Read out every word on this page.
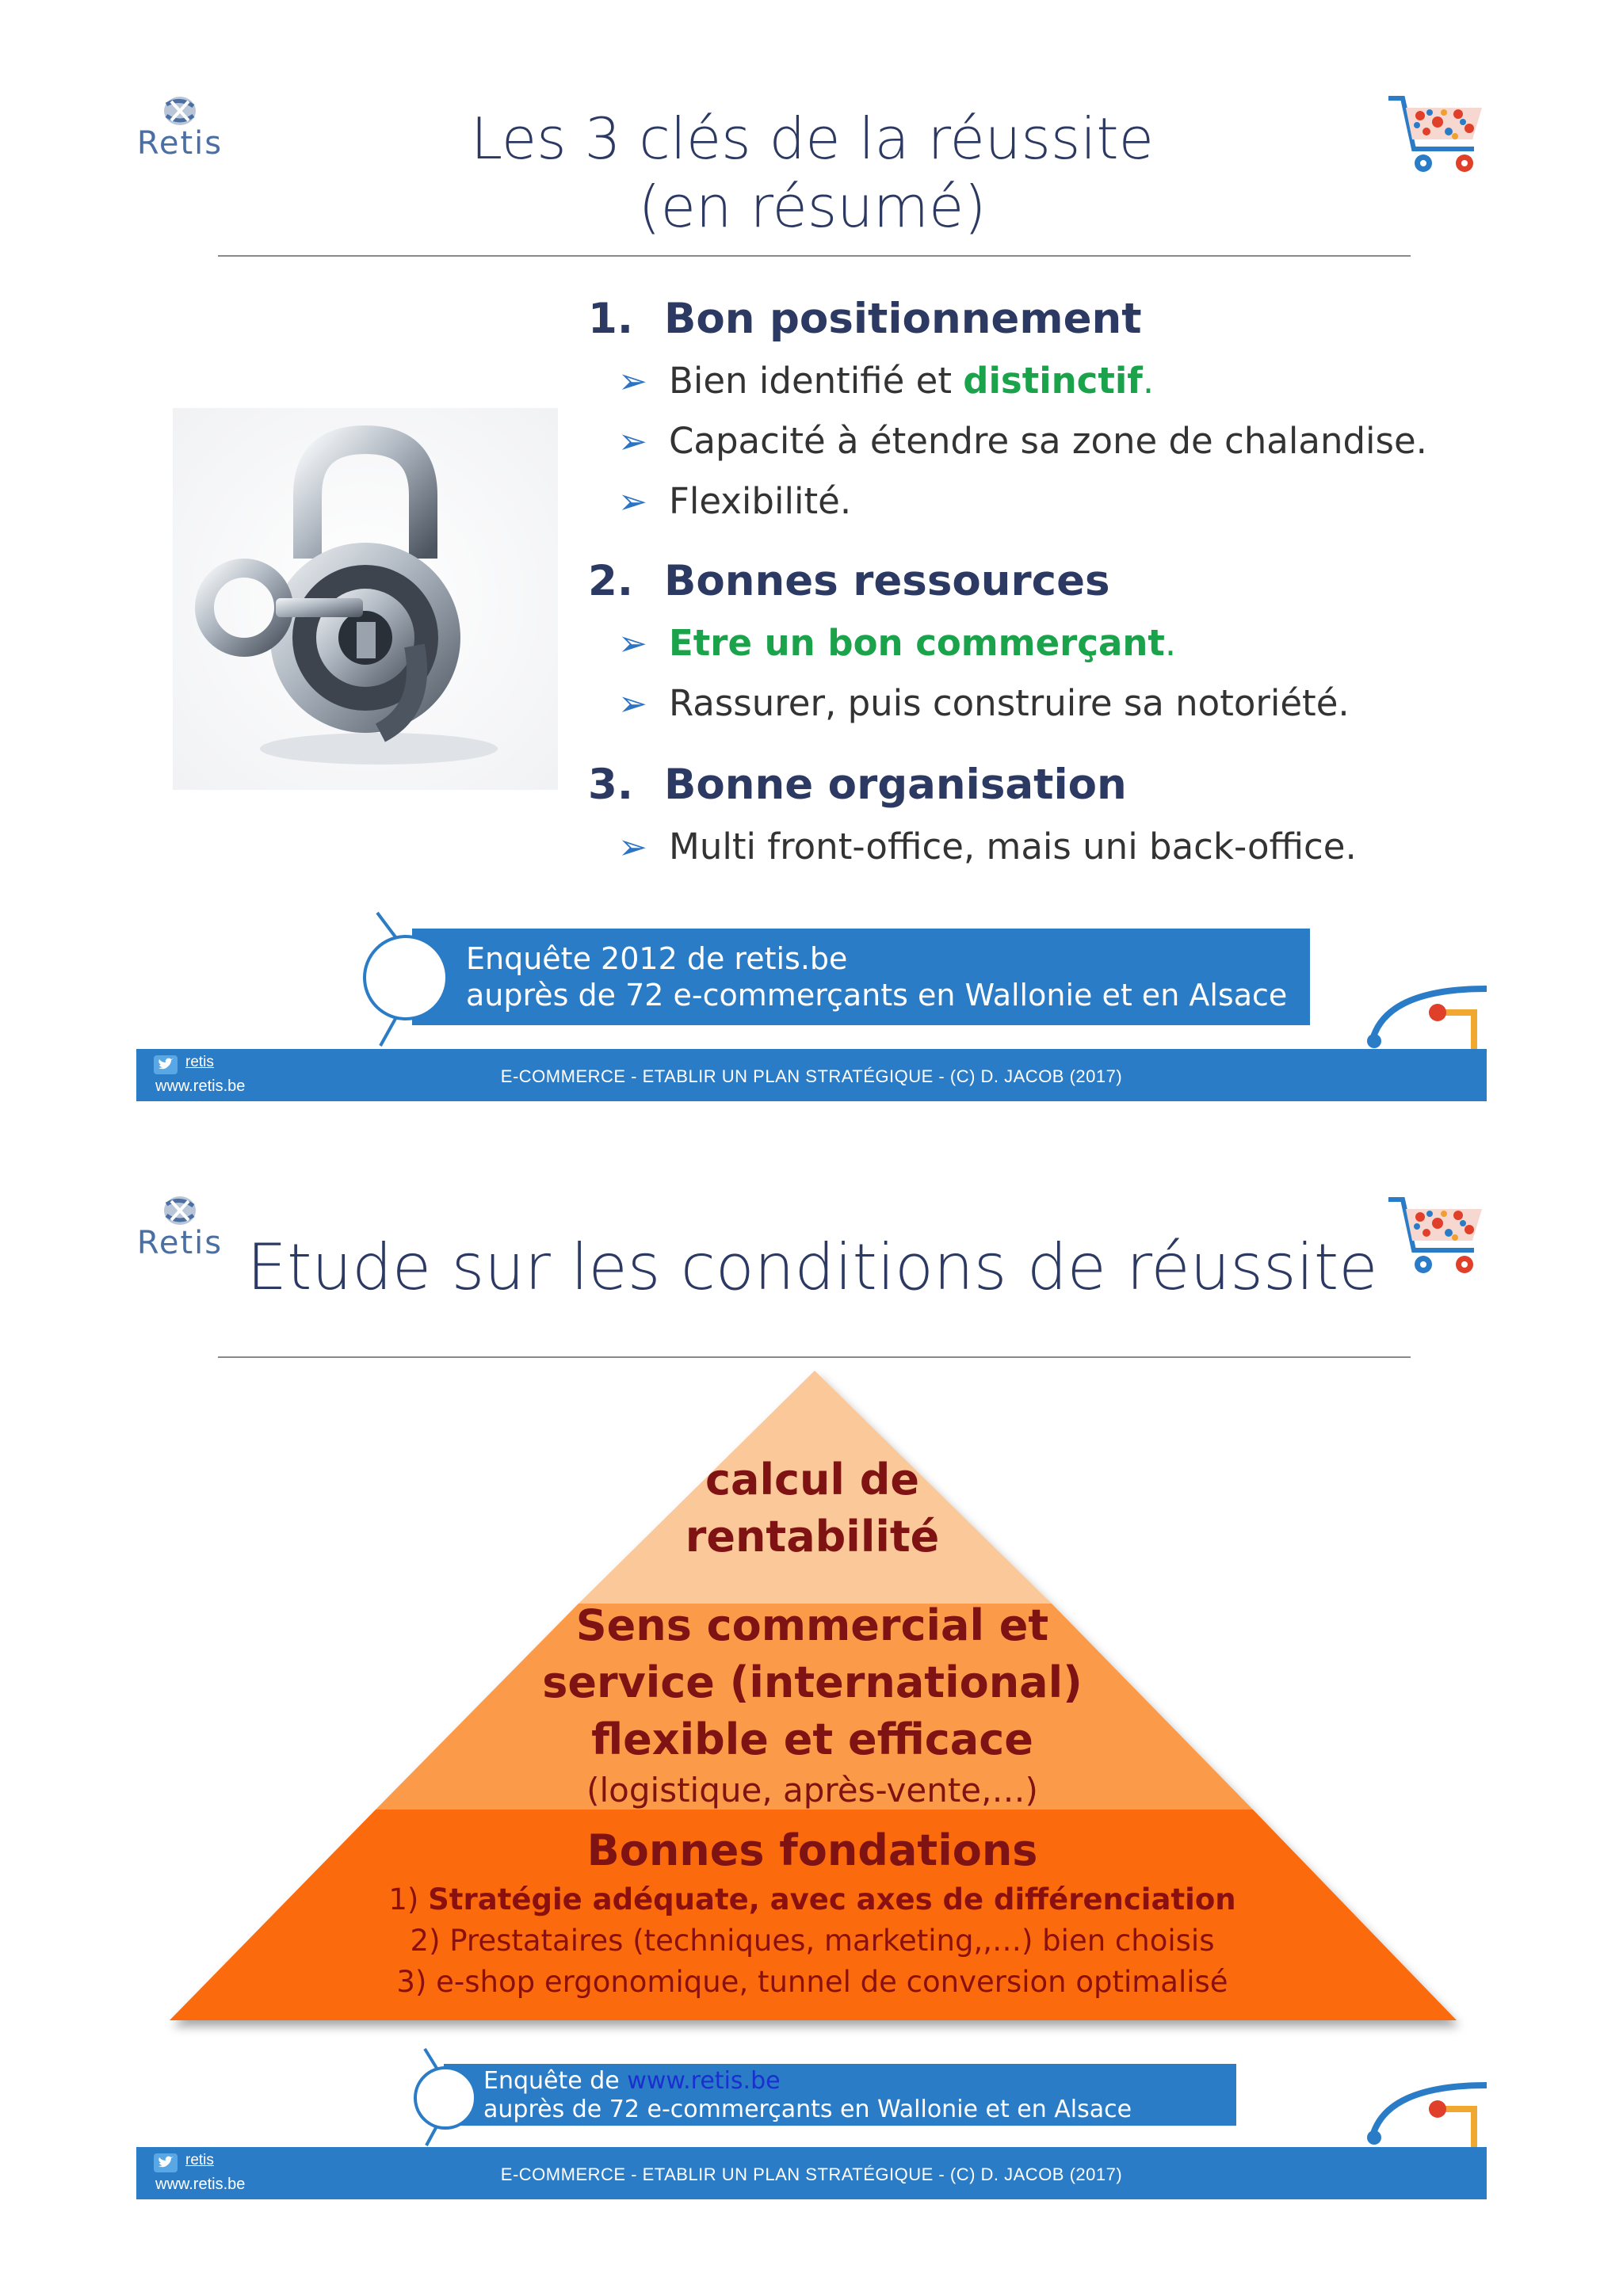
Retis	Les 3 clés de la réussite
(en résumé)
1. Bon positionnement
➢ Bien identifié et distinctif.
➢ Capacité à étendre sa zone de chalandise.
➢ Flexibilité.
2. Bonnes ressources
➢ Etre un bon commerçant.
➢ Rassurer, puis construire sa notoriété.
3. Bonne organisation
➢ Multi front-office, mais uni back-office.
Enquête 2012 de retis.be
auprès de 72 e-commerçants en Wallonie et en Alsace
retis
www.retis.be	E-COMMERCE - ETABLIR UN PLAN STRATÉGIQUE - (C) D. JACOB (2017)
Retis Etude sur les conditions de réussite
calcul de
rentabilité
Sens commercial et
service (international)
flexible et efficace
(logistique, après-vente,…)
Bonnes fondations
1) Stratégie adéquate, avec axes de différenciation
2) Prestataires (techniques, marketing,,…) bien choisis
3) e-shop ergonomique, tunnel de conversion optimalisé
Enquête de www.retis.be
auprès de 72 e-commerçants en Wallonie et en Alsace
retis
www.retis.be	E-COMMERCE - ETABLIR UN PLAN STRATÉGIQUE - (C) D. JACOB (2017)
